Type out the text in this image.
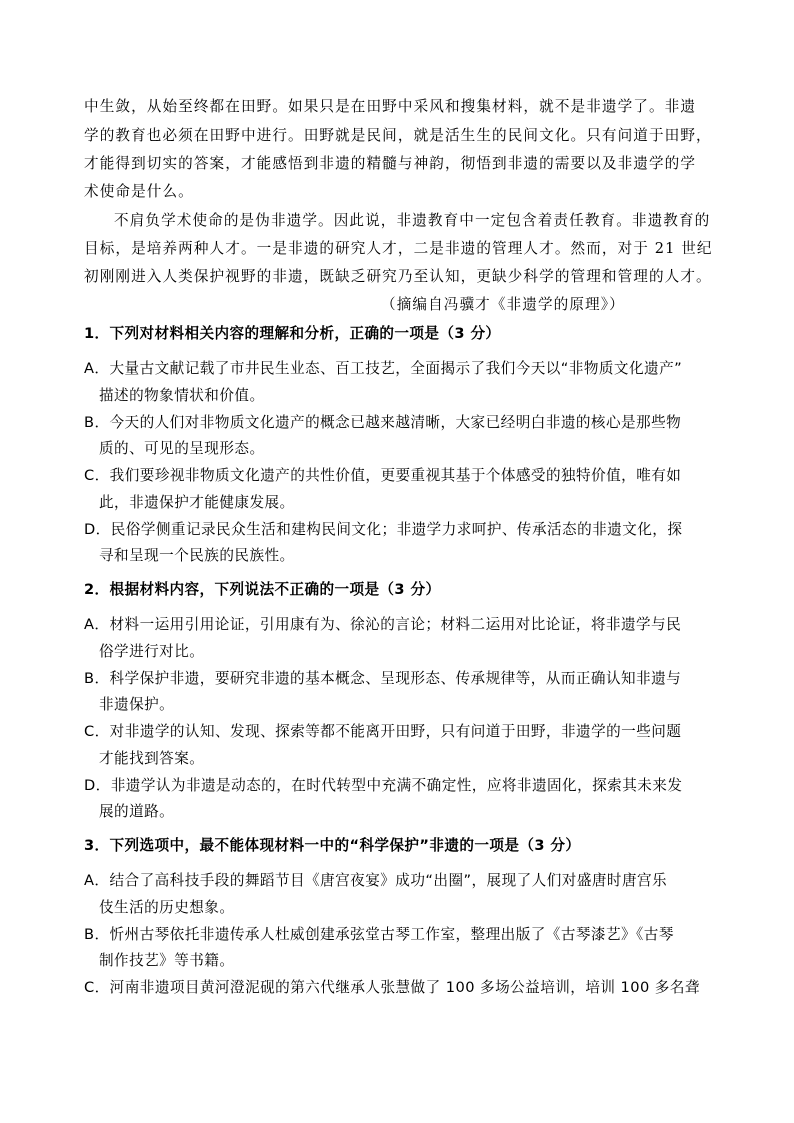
中生敛，从始至终都在田野。如果只是在田野中采风和搜集材料，就不是非遗学了。非遗
学的教育也必须在田野中进行。田野就是民间，就是活生生的民间文化。只有问道于田野，
才能得到切实的答案，才能感悟到非遗的精髓与神韵，彻悟到非遗的需要以及非遗学的学
术使命是什么。
不肩负学术使命的是伪非遗学。因此说，非遗教育中一定包含着责任教育。非遗教育的
目标，是培养两种人才。一是非遗的研究人才，二是非遗的管理人才。然而，对于 21 世纪
初刚刚进入人类保护视野的非遗，既缺乏研究乃至认知，更缺少科学的管理和管理的人才。
（摘编自冯骥才《非遗学的原理》）
1．下列对材料相关内容的理解和分析，正确的一项是（3 分）
A．大量古文献记载了市井民生业态、百工技艺，全面揭示了我们今天以“非物质文化遗产”
描述的物象情状和价值。
B．今天的人们对非物质文化遗产的概念已越来越清晰，大家已经明白非遗的核心是那些物
质的、可见的呈现形态。
C．我们要珍视非物质文化遗产的共性价值，更要重视其基于个体感受的独特价值，唯有如
此，非遗保护才能健康发展。
D．民俗学侧重记录民众生活和建构民间文化；非遗学力求呵护、传承活态的非遗文化，探
寻和呈现一个民族的民族性。
2．根据材料内容，下列说法不正确的一项是（3 分）
A．材料一运用引用论证，引用康有为、徐沁的言论；材料二运用对比论证，将非遗学与民
俗学进行对比。
B．科学保护非遗，要研究非遗的基本概念、呈现形态、传承规律等，从而正确认知非遗与
非遗保护。
C．对非遗学的认知、发现、探索等都不能离开田野，只有问道于田野，非遗学的一些问题
才能找到答案。
D．非遗学认为非遗是动态的，在时代转型中充满不确定性，应将非遗固化，探索其未来发
展的道路。
3．下列选项中，最不能体现材料一中的“科学保护”非遗的一项是（3 分）
A．结合了高科技手段的舞蹈节目《唐宫夜宴》成功“出圈”，展现了人们对盛唐时唐宫乐
伎生活的历史想象。
B．忻州古琴依托非遗传承人杜威创建承弦堂古琴工作室，整理出版了《古琴漆艺》《古琴
制作技艺》等书籍。
C．河南非遗项目黄河澄泥砚的第六代继承人张慧做了 100 多场公益培训，培训 100 多名聋
